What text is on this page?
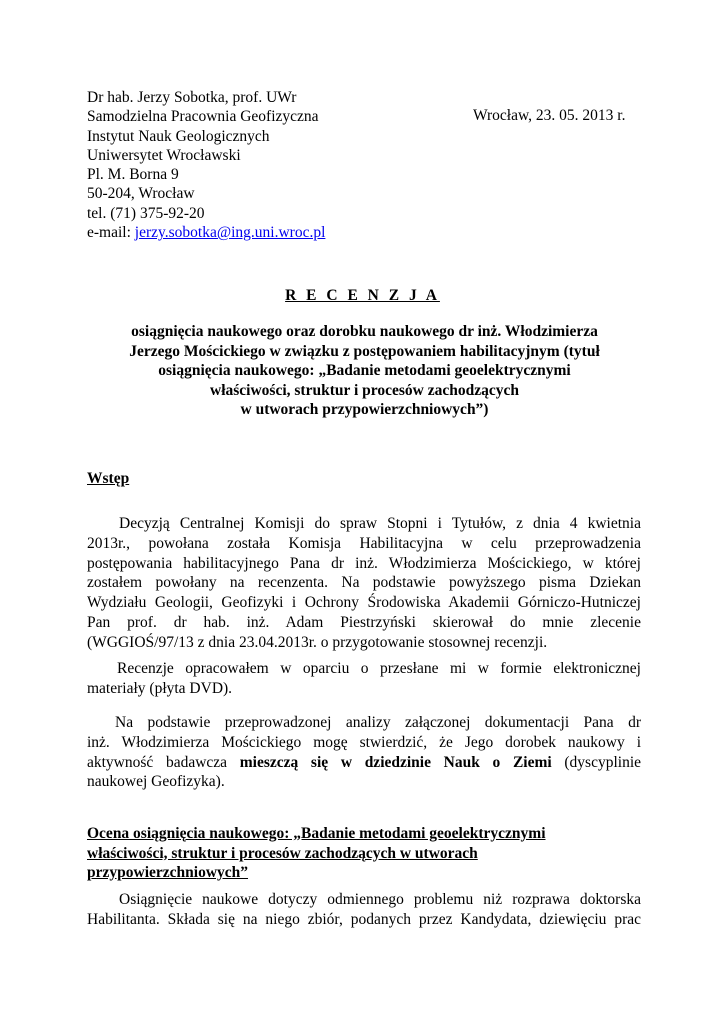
Dr hab. Jerzy Sobotka, prof. UWr
Samodzielna Pracownia Geofizyczna
Instytut Nauk Geologicznych
Uniwersytet Wrocławski
Pl. M. Borna 9
50-204, Wrocław
tel. (71) 375-92-20
e-mail: jerzy.sobotka@ing.uni.wroc.pl
Wrocław, 23. 05. 2013 r.
R E C E N Z J A
osiągnięcia naukowego oraz dorobku naukowego dr inż. Włodzimierza
Jerzego Mościckiego w związku z postępowaniem habilitacyjnym (tytuł
osiągnięcia naukowego: „Badanie metodami geoelektrycznymi
właściwości, struktur i procesów zachodzących
w utworach przypowierzchniowych”)
Wstęp
Decyzją Centralnej Komisji do spraw Stopni i Tytułów, z dnia 4 kwietnia
2013r., powołana została Komisja Habilitacyjna w celu przeprowadzenia
postępowania habilitacyjnego Pana dr inż. Włodzimierza Mościckiego, w której
zostałem powołany na recenzenta. Na podstawie powyższego pisma Dziekan
Wydziału Geologii, Geofizyki i Ochrony Środowiska Akademii Górniczo-Hutniczej
Pan prof. dr hab. inż. Adam Piestrzyński skierował do mnie zlecenie
(WGGIOŚ/97/13 z dnia 23.04.2013r. o przygotowanie stosownej recenzji.
Recenzje opracowałem w oparciu o przesłane mi w formie elektronicznej
materiały (płyta DVD).
Na podstawie przeprowadzonej analizy załączonej dokumentacji Pana dr
inż. Włodzimierza Mościckiego mogę stwierdzić, że Jego dorobek naukowy i
aktywność badawcza mieszczą się w dziedzinie Nauk o Ziemi (dyscyplinie
naukowej Geofizyka).
Ocena osiągnięcia naukowego: „Badanie metodami geoelektrycznymi
właściwości, struktur i procesów zachodzących w utworach
przypowierzchniowych”
Osiągnięcie naukowe dotyczy odmiennego problemu niż rozprawa doktorska
Habilitanta. Składa się na niego zbiór, podanych przez Kandydata, dziewięciu prac
